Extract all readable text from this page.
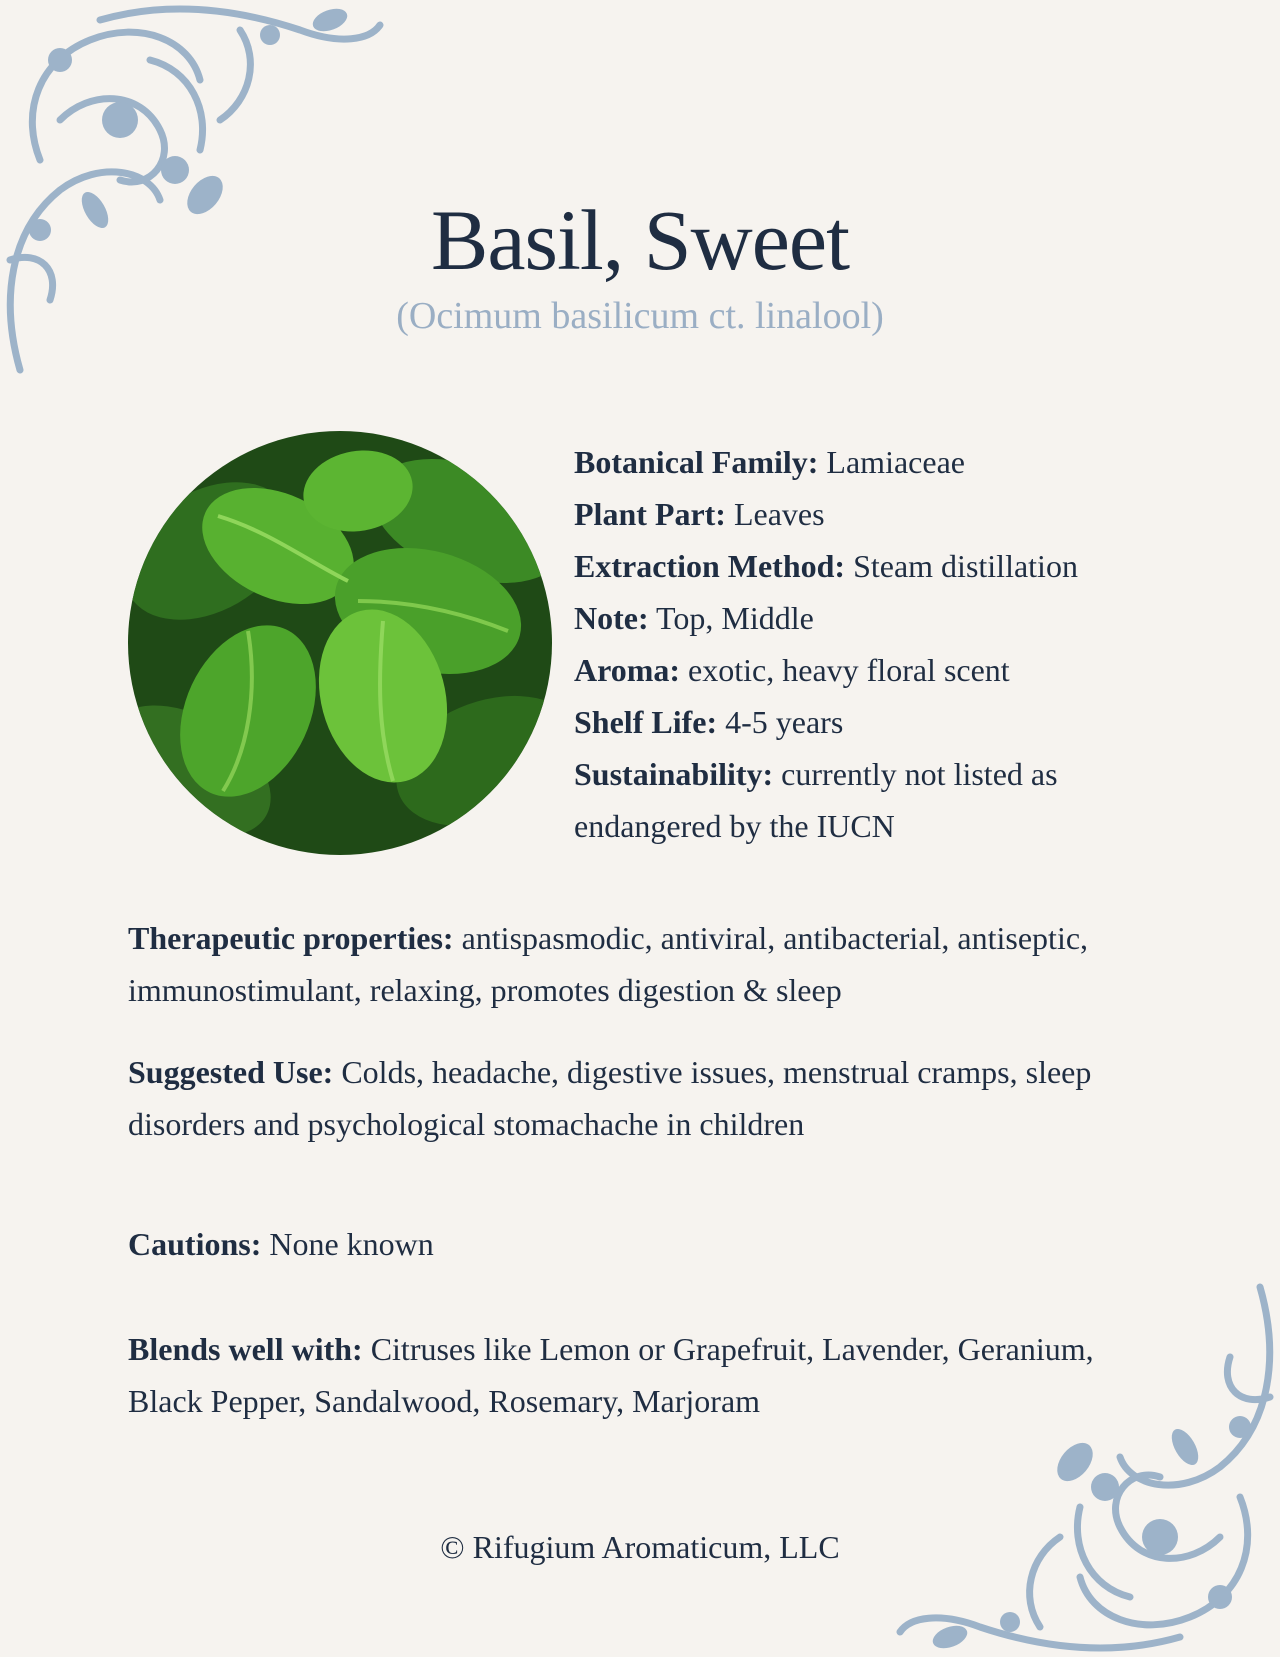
Basil, Sweet
(Ocimum basilicum ct. linalool)

Botanical Family: Lamiaceae

Plant Part: Leaves

Extraction Method: Steam distillation

Note: Top, Middle

Aroma: exotic, heavy floral scent

Shelf Life: 4-5 years

Sustainability: currently not listed as endangered by the IUCN

Therapeutic properties: antispasmodic, antiviral, antibacterial, antiseptic, immunostimulant, relaxing, promotes digestion & sleep

Suggested Use: Colds, headache, digestive issues, menstrual cramps, sleep disorders and psychological stomachache in children

Cautions: None known

Blends well with: Citruses like Lemon or Grapefruit, Lavender, Geranium, Black Pepper, Sandalwood, Rosemary, Marjoram

© Rifugium Aromaticum, LLC
